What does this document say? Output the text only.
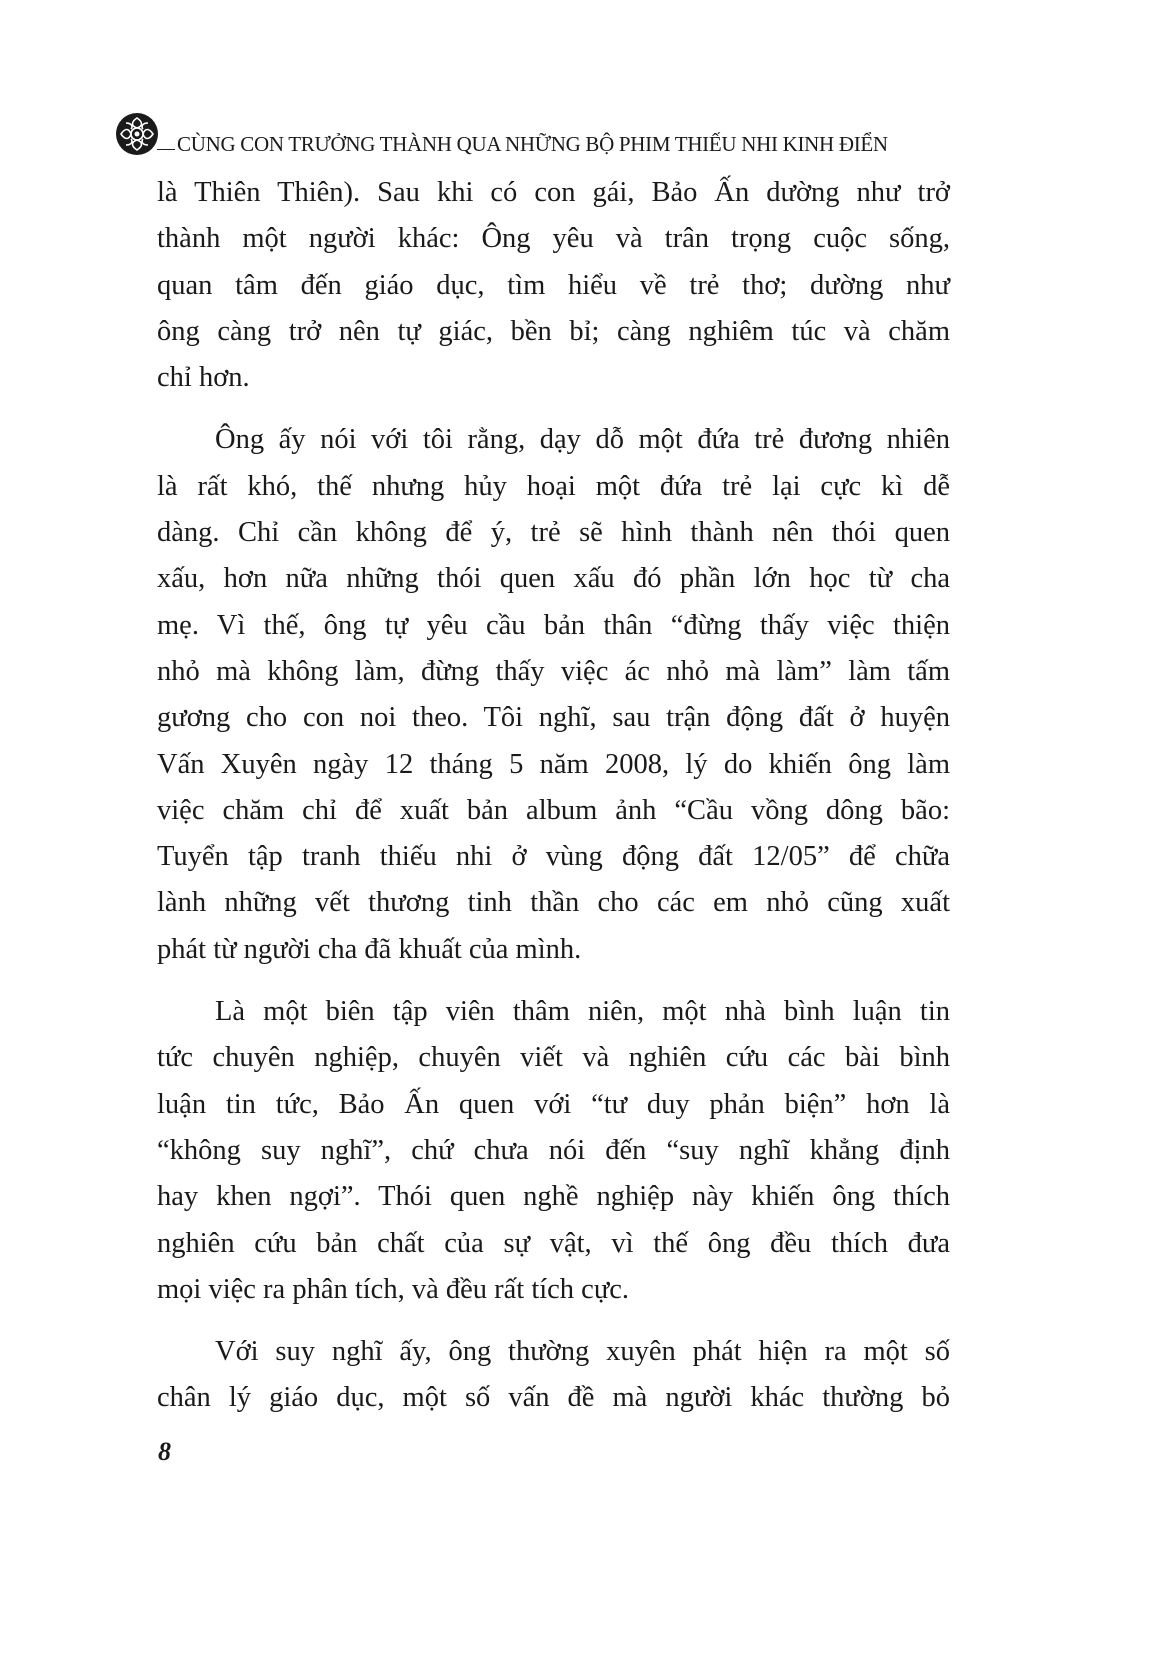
CÙNG CON TRƯỞNG THÀNH QUA NHỮNG BỘ PHIM THIẾU NHI KINH ĐIỂN
là Thiên Thiên). Sau khi có con gái, Bảo Ấn dường như trở
thành một người khác: Ông yêu và trân trọng cuộc sống,
quan tâm đến giáo dục, tìm hiểu về trẻ thơ; dường như
ông càng trở nên tự giác, bền bỉ; càng nghiêm túc và chăm
chỉ hơn.
Ông ấy nói với tôi rằng, dạy dỗ một đứa trẻ đương nhiên
là rất khó, thế nhưng hủy hoại một đứa trẻ lại cực kì dễ
dàng. Chỉ cần không để ý, trẻ sẽ hình thành nên thói quen
xấu, hơn nữa những thói quen xấu đó phần lớn học từ cha
mẹ. Vì thế, ông tự yêu cầu bản thân “đừng thấy việc thiện
nhỏ mà không làm, đừng thấy việc ác nhỏ mà làm” làm tấm
gương cho con noi theo. Tôi nghĩ, sau trận động đất ở huyện
Vấn Xuyên ngày 12 tháng 5 năm 2008, lý do khiến ông làm
việc chăm chỉ để xuất bản album ảnh “Cầu vồng dông bão:
Tuyển tập tranh thiếu nhi ở vùng động đất 12/05” để chữa
lành những vết thương tinh thần cho các em nhỏ cũng xuất
phát từ người cha đã khuất của mình.
Là một biên tập viên thâm niên, một nhà bình luận tin
tức chuyên nghiệp, chuyên viết và nghiên cứu các bài bình
luận tin tức, Bảo Ấn quen với “tư duy phản biện” hơn là
“không suy nghĩ”, chứ chưa nói đến “suy nghĩ khẳng định
hay khen ngợi”. Thói quen nghề nghiệp này khiến ông thích
nghiên cứu bản chất của sự vật, vì thế ông đều thích đưa
mọi việc ra phân tích, và đều rất tích cực.
Với suy nghĩ ấy, ông thường xuyên phát hiện ra một số
chân lý giáo dục, một số vấn đề mà người khác thường bỏ
8
